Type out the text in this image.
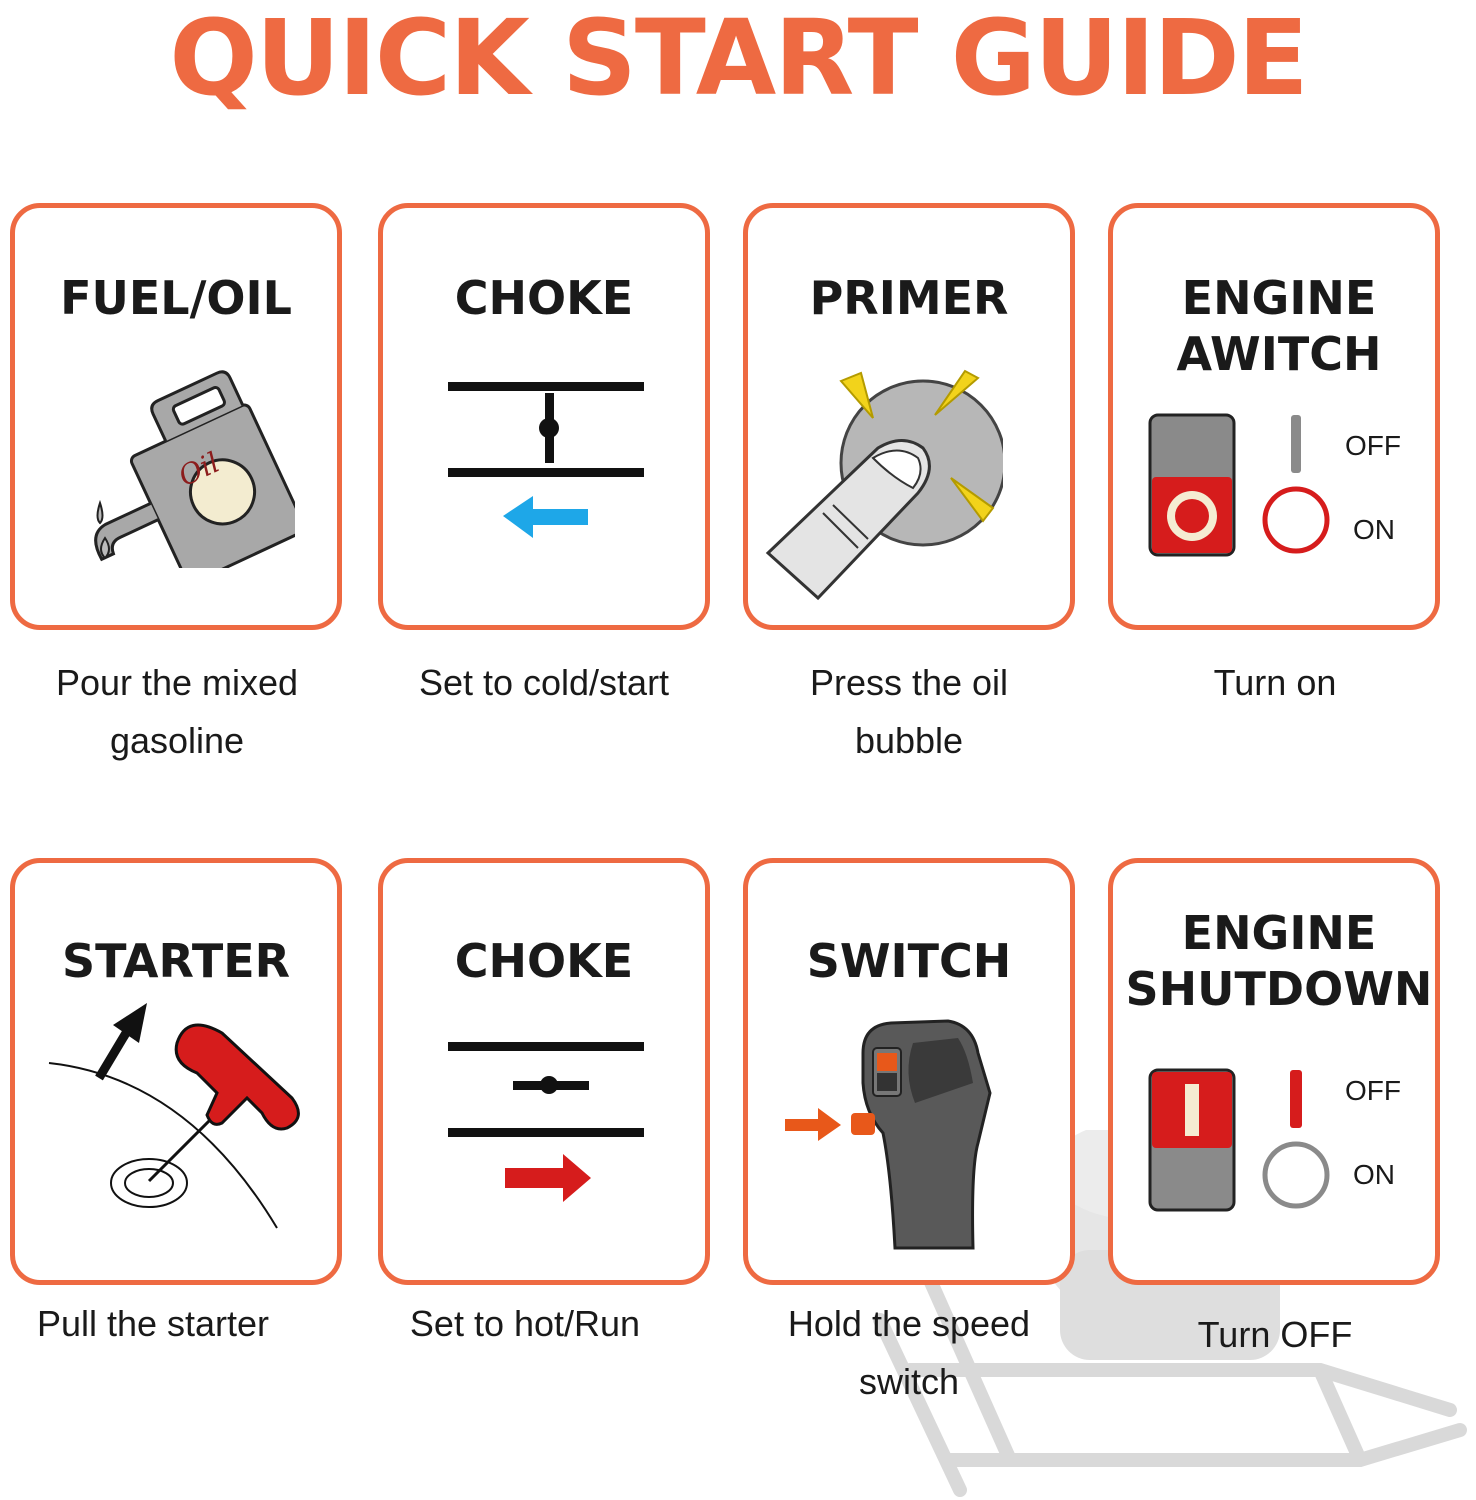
QUICK START GUIDE
FUEL/OIL
Oil
Pour the mixed gasoline
CHOKE
Set to cold/start
PRIMER
Press the oil bubble
ENGINE AWITCH
OFF
ON
Turn on
STARTER
Pull the starter
CHOKE
Set to hot/Run
SWITCH
Hold the speed switch
ENGINE SHUTDOWN
OFF
ON
Turn OFF
